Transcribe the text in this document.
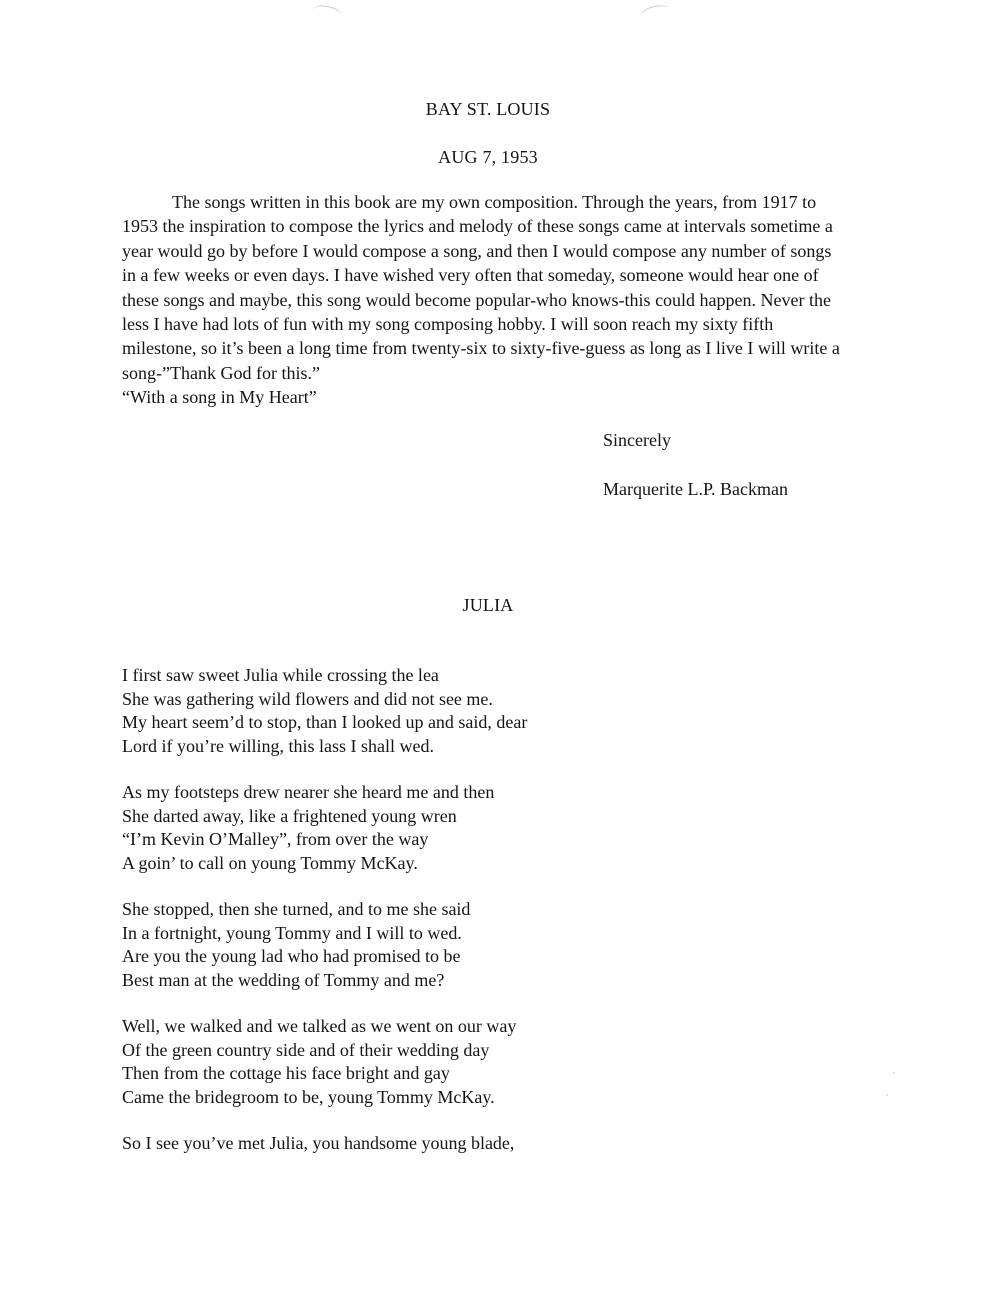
BAY ST. LOUIS
AUG 7, 1953

The songs written in this book are my own composition. Through the years, from 1917 to 1953 the inspiration to compose the lyrics and melody of these songs came at intervals sometime a year would go by before I would compose a song, and then I would compose any number of songs in a few weeks or even days. I have wished very often that someday, someone would hear one of these songs and maybe, this song would become popular-who knows-this could happen. Never the less I have had lots of fun with my song composing hobby. I will soon reach my sixty fifth milestone, so it’s been a long time from twenty-six to sixty-five-guess as long as I live I will write a song-”Thank God for this.”

“With a song in My Heart”
Sincerely
Marquerite L.P. Backman
JULIA
I first saw sweet Julia while crossing the lea
She was gathering wild flowers and did not see me.
My heart seem’d to stop, than I looked up and said, dear
Lord if you’re willing, this lass I shall wed.
As my footsteps drew nearer she heard me and then
She darted away, like a frightened young wren
“I’m Kevin O’Malley”, from over the way
A goin’ to call on young Tommy McKay.
She stopped, then she turned, and to me she said
In a fortnight, young Tommy and I will to wed.
Are you the young lad who had promised to be
Best man at the wedding of Tommy and me?
Well, we walked and we talked as we went on our way
Of the green country side and of their wedding day
Then from the cottage his face bright and gay
Came the bridegroom to be, young Tommy McKay.
So I see you’ve met Julia, you handsome young blade,
